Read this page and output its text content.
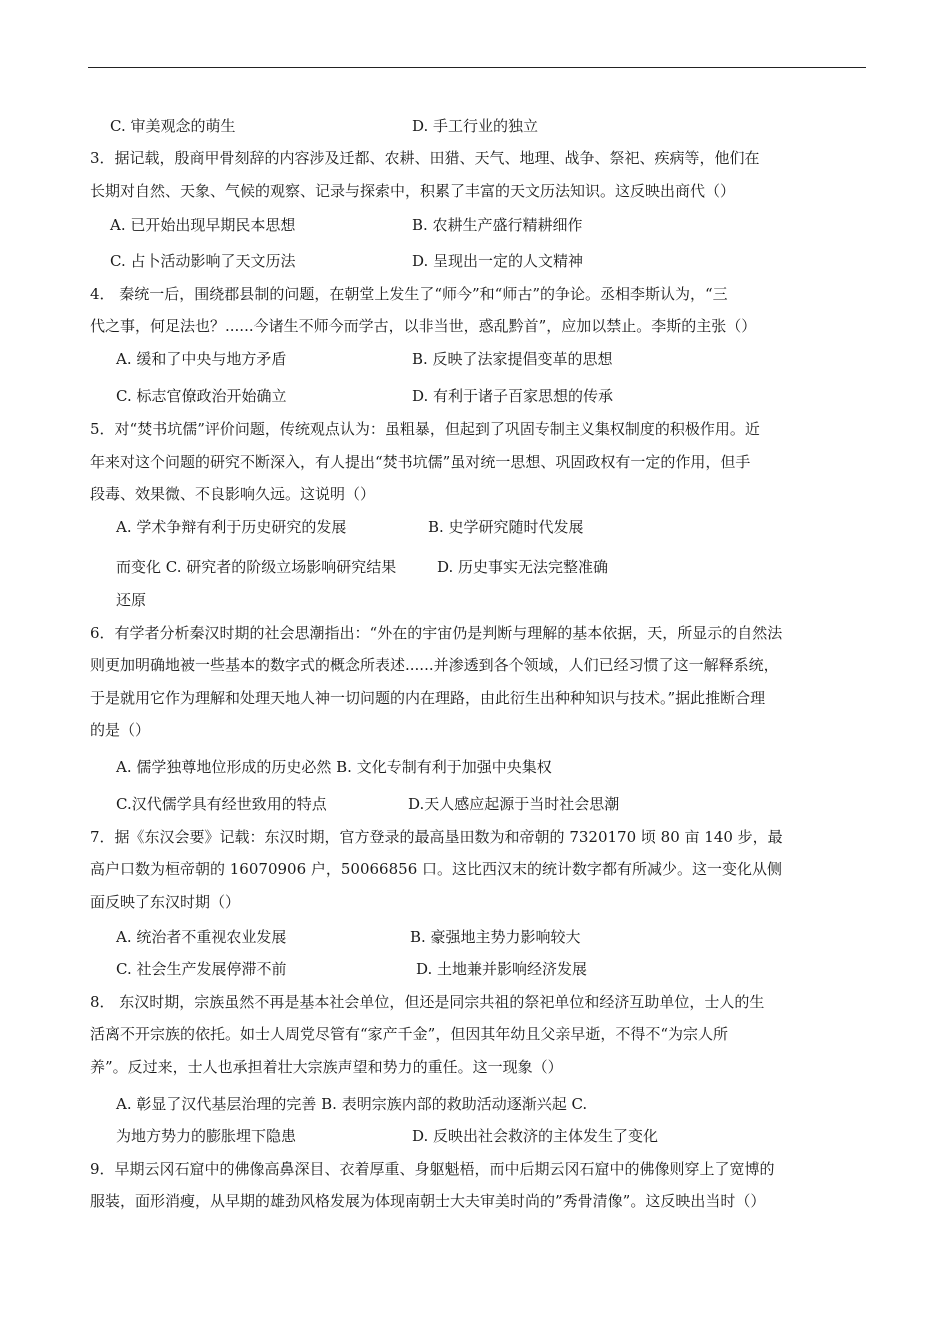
C. 审美观念的萌生	D. 手工行业的独立
3．据记载，殷商甲骨刻辞的内容涉及迁都、农耕、田猎、天气、地理、战争、祭祀、疾病等，他们在
长期对自然、天象、气候的观察、记录与探索中，积累了丰富的天文历法知识。这反映出商代（）
A. 已开始出现早期民本思想	B. 农耕生产盛行精耕细作
C. 占卜活动影响了天文历法	D. 呈现出一定的人文精神
4． 秦统一后，围绕郡县制的问题，在朝堂上发生了“师今”和“师古”的争论。丞相李斯认为，“三
代之事，何足法也？......今诸生不师今而学古，以非当世，惑乱黔首”，应加以禁止。李斯的主张（）
A. 缓和了中央与地方矛盾	B. 反映了法家提倡变革的思想
C. 标志官僚政治开始确立	D. 有利于诸子百家思想的传承
5．对“焚书坑儒”评价问题，传统观点认为：虽粗暴，但起到了巩固专制主义集权制度的积极作用。近
年来对这个问题的研究不断深入，有人提出“焚书坑儒”虽对统一思想、巩固政权有一定的作用，但手
段毒、效果微、不良影响久远。这说明（）
A. 学术争辩有利于历史研究的发展	B. 史学研究随时代发展
而变化 C. 研究者的阶级立场影响研究结果	D. 历史事实无法完整准确
还原
6．有学者分析秦汉时期的社会思潮指出：“外在的宇宙仍是判断与理解的基本依据，天，所显示的自然法
则更加明确地被一些基本的数字式的概念所表述......并渗透到各个领域，人们已经习惯了这一解释系统，
于是就用它作为理解和处理天地人神一切问题的内在理路，由此衍生出种种知识与技术。”据此推断合理
的是（）
A. 儒学独尊地位形成的历史必然 B. 文化专制有利于加强中央集权
C.汉代儒学具有经世致用的特点	D.天人感应起源于当时社会思潮
7．据《东汉会要》记载：东汉时期，官方登录的最高垦田数为和帝朝的 7320170 顷 80 亩 140 步，最
高户口数为桓帝朝的 16070906 户，50066856 口。这比西汉末的统计数字都有所减少。这一变化从侧
面反映了东汉时期（）
A. 统治者不重视农业发展	B. 豪强地主势力影响较大
C. 社会生产发展停滞不前	D. 土地兼并影响经济发展
8． 东汉时期，宗族虽然不再是基本社会单位，但还是同宗共祖的祭祀单位和经济互助单位，士人的生
活离不开宗族的依托。如士人周党尽管有“家产千金”，但因其年幼且父亲早逝，不得不“为宗人所
养”。反过来，士人也承担着壮大宗族声望和势力的重任。这一现象（）
A. 彰显了汉代基层治理的完善 B. 表明宗族内部的救助活动逐渐兴起 C.
为地方势力的膨胀埋下隐患	D. 反映出社会救济的主体发生了变化
9．早期云冈石窟中的佛像高鼻深目、衣着厚重、身躯魁梧，而中后期云冈石窟中的佛像则穿上了宽博的
服装，面形消瘦，从早期的雄劲风格发展为体现南朝士大夫审美时尚的”秀骨清像”。这反映出当时（）
